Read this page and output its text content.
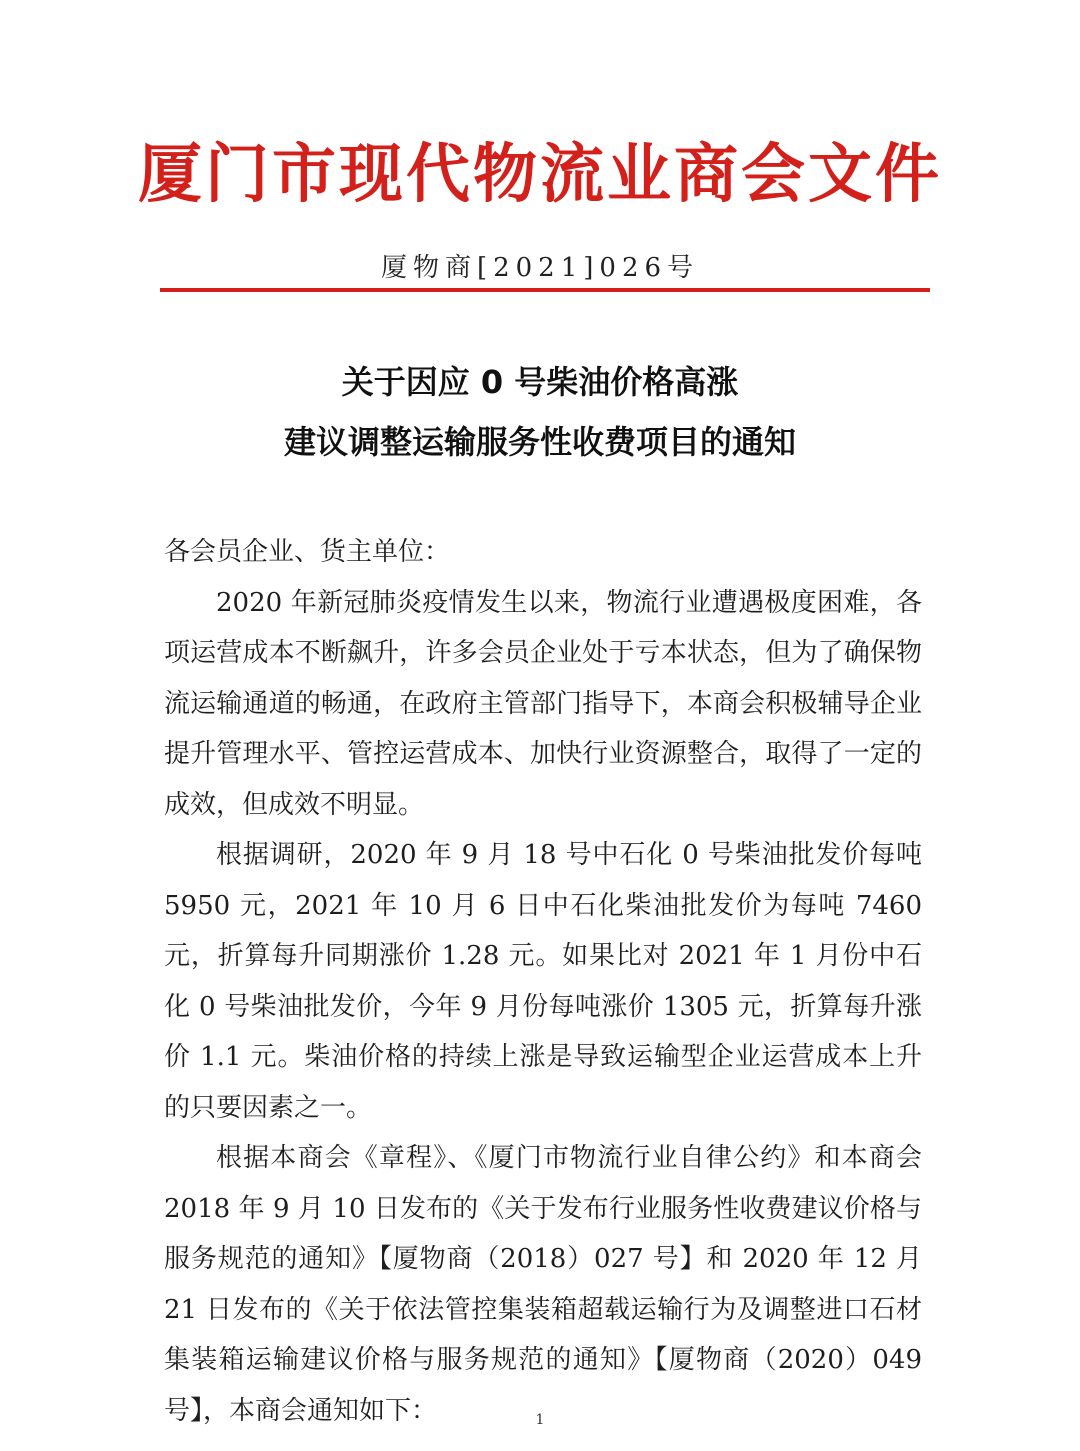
厦门市现代物流业商会文件
厦物商[2021]026号
关于因应 0 号柴油价格高涨
建议调整运输服务性收费项目的通知

各会员企业、货主单位：

2020 年新冠肺炎疫情发生以来，物流行业遭遇极度困难，各项运营成本不断飙升，许多会员企业处于亏本状态，但为了确保物流运输通道的畅通，在政府主管部门指导下，本商会积极辅导企业提升管理水平、管控运营成本、加快行业资源整合，取得了一定的成效，但成效不明显。

根据调研，2020 年 9 月 18 号中石化 0 号柴油批发价每吨 5950 元，2021 年 10 月 6 日中石化柴油批发价为每吨 7460 元，折算每升同期涨价 1.28 元。如果比对 2021 年 1 月份中石化 0 号柴油批发价，今年 9 月份每吨涨价 1305 元，折算每升涨价 1.1 元。柴油价格的持续上涨是导致运输型企业运营成本上升的只要因素之一。

根据本商会《章程》、《厦门市物流行业自律公约》和本商会 2018 年 9 月 10 日发布的《关于发布行业服务性收费建议价格与服务规范的通知》【厦物商（2018）027 号】和 2020 年 12 月 21 日发布的《关于依法管控集装箱超载运输行为及调整进口石材集装箱运输建议价格与服务规范的通知》【厦物商（2020）049 号】，本商会通知如下：	1
